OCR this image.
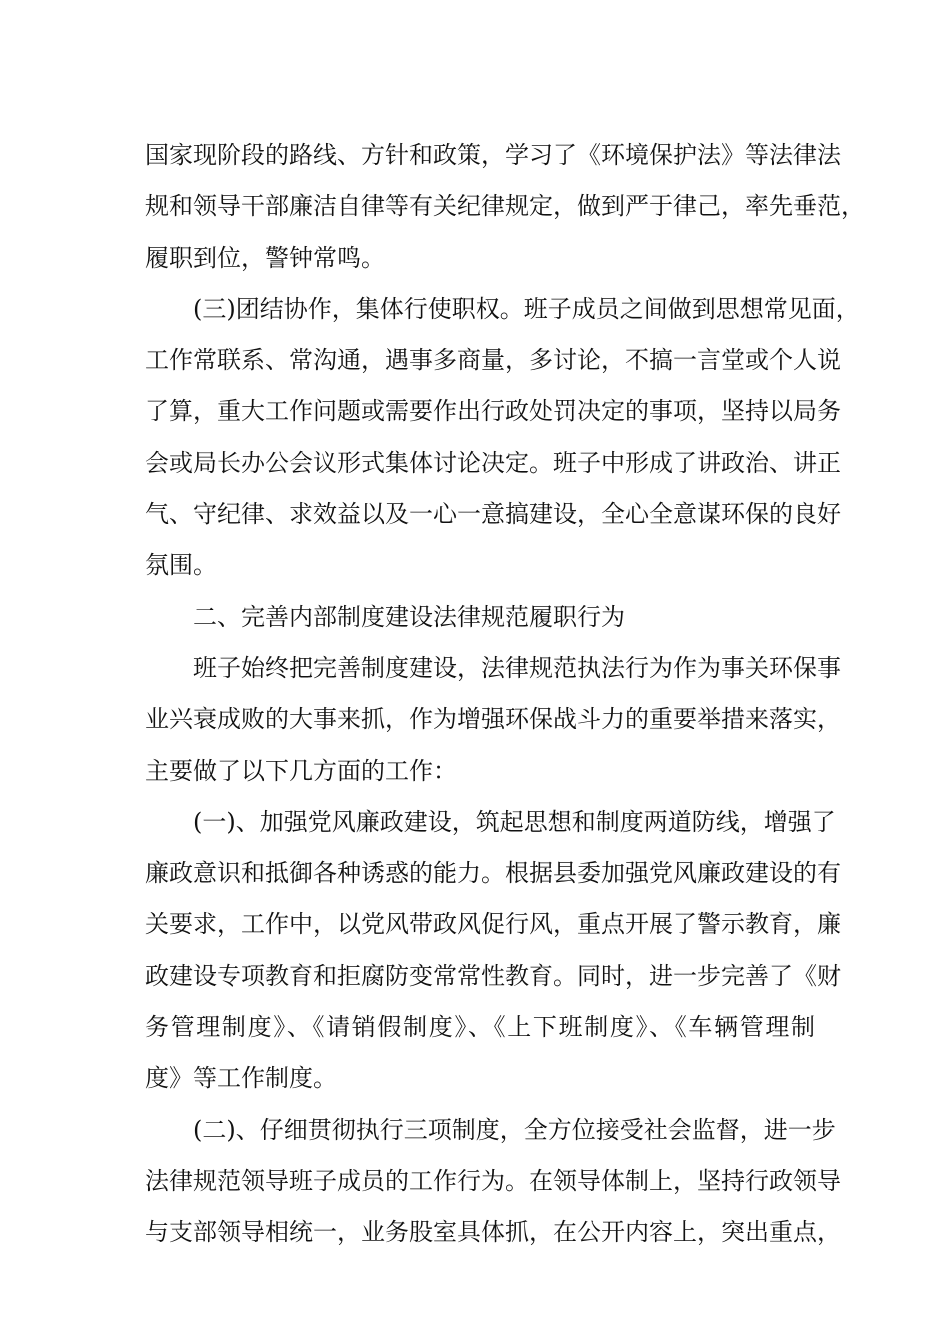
国家现阶段的路线、方针和政策，学习了《环境保护法》等法律法
规和领导干部廉洁自律等有关纪律规定，做到严于律己，率先垂范，
履职到位，警钟常鸣。
(三)团结协作，集体行使职权。班子成员之间做到思想常见面，
工作常联系、常沟通，遇事多商量，多讨论，不搞一言堂或个人说
了算，重大工作问题或需要作出行政处罚决定的事项，坚持以局务
会或局长办公会议形式集体讨论决定。班子中形成了讲政治、讲正
气、守纪律、求效益以及一心一意搞建设，全心全意谋环保的良好
氛围。
二、完善内部制度建设法律规范履职行为
班子始终把完善制度建设，法律规范执法行为作为事关环保事
业兴衰成败的大事来抓，作为增强环保战斗力的重要举措来落实，
主要做了以下几方面的工作：
(一)、加强党风廉政建设，筑起思想和制度两道防线，增强了
廉政意识和抵御各种诱惑的能力。根据县委加强党风廉政建设的有
关要求，工作中，以党风带政风促行风，重点开展了警示教育，廉
政建设专项教育和拒腐防变常常性教育。同时，进一步完善了《财
务管理制度》、《请销假制度》、《上下班制度》、《车辆管理制
度》等工作制度。
(二)、仔细贯彻执行三项制度，全方位接受社会监督，进一步
法律规范领导班子成员的工作行为。在领导体制上，坚持行政领导
与支部领导相统一，业务股室具体抓，在公开内容上，突出重点，
